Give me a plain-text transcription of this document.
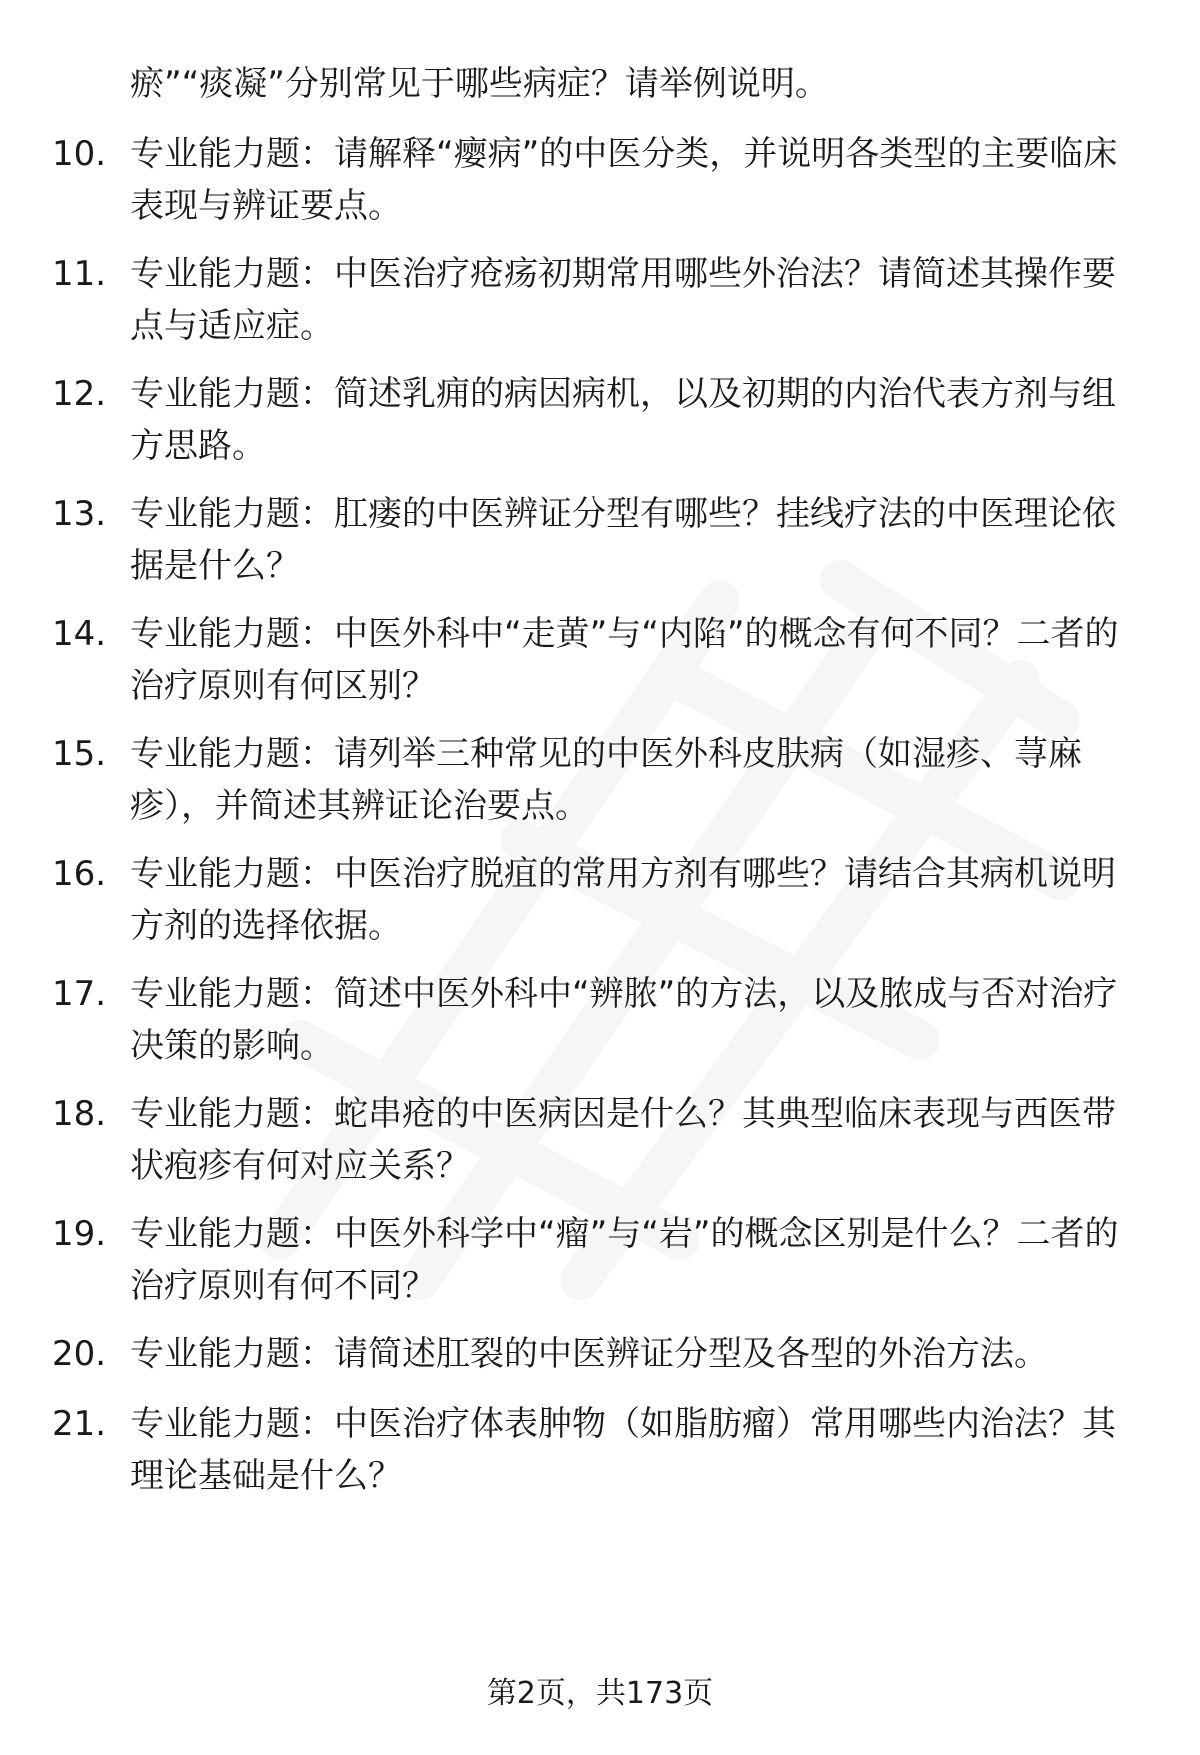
瘀”“痰凝”分别常见于哪些病症？请举例说明。
10. 专业能力题：请解释“瘿病”的中医分类，并说明各类型的主要临床表现与辨证要点。
11. 专业能力题：中医治疗疮疡初期常用哪些外治法？请简述其操作要点与适应症。
12. 专业能力题：简述乳痈的病因病机，以及初期的内治代表方剂与组方思路。
13. 专业能力题：肛瘘的中医辨证分型有哪些？挂线疗法的中医理论依据是什么？
14. 专业能力题：中医外科中“走黄”与“内陷”的概念有何不同？二者的治疗原则有何区别？
15. 专业能力题：请列举三种常见的中医外科皮肤病（如湿疹、荨麻疹），并简述其辨证论治要点。
16. 专业能力题：中医治疗脱疽的常用方剂有哪些？请结合其病机说明方剂的选择依据。
17. 专业能力题：简述中医外科中“辨脓”的方法，以及脓成与否对治疗决策的影响。
18. 专业能力题：蛇串疮的中医病因是什么？其典型临床表现与西医带状疱疹有何对应关系？
19. 专业能力题：中医外科学中“瘤”与“岩”的概念区别是什么？二者的治疗原则有何不同？
20. 专业能力题：请简述肛裂的中医辨证分型及各型的外治方法。
21. 专业能力题：中医治疗体表肿物（如脂肪瘤）常用哪些内治法？其理论基础是什么？
第2页，共173页
